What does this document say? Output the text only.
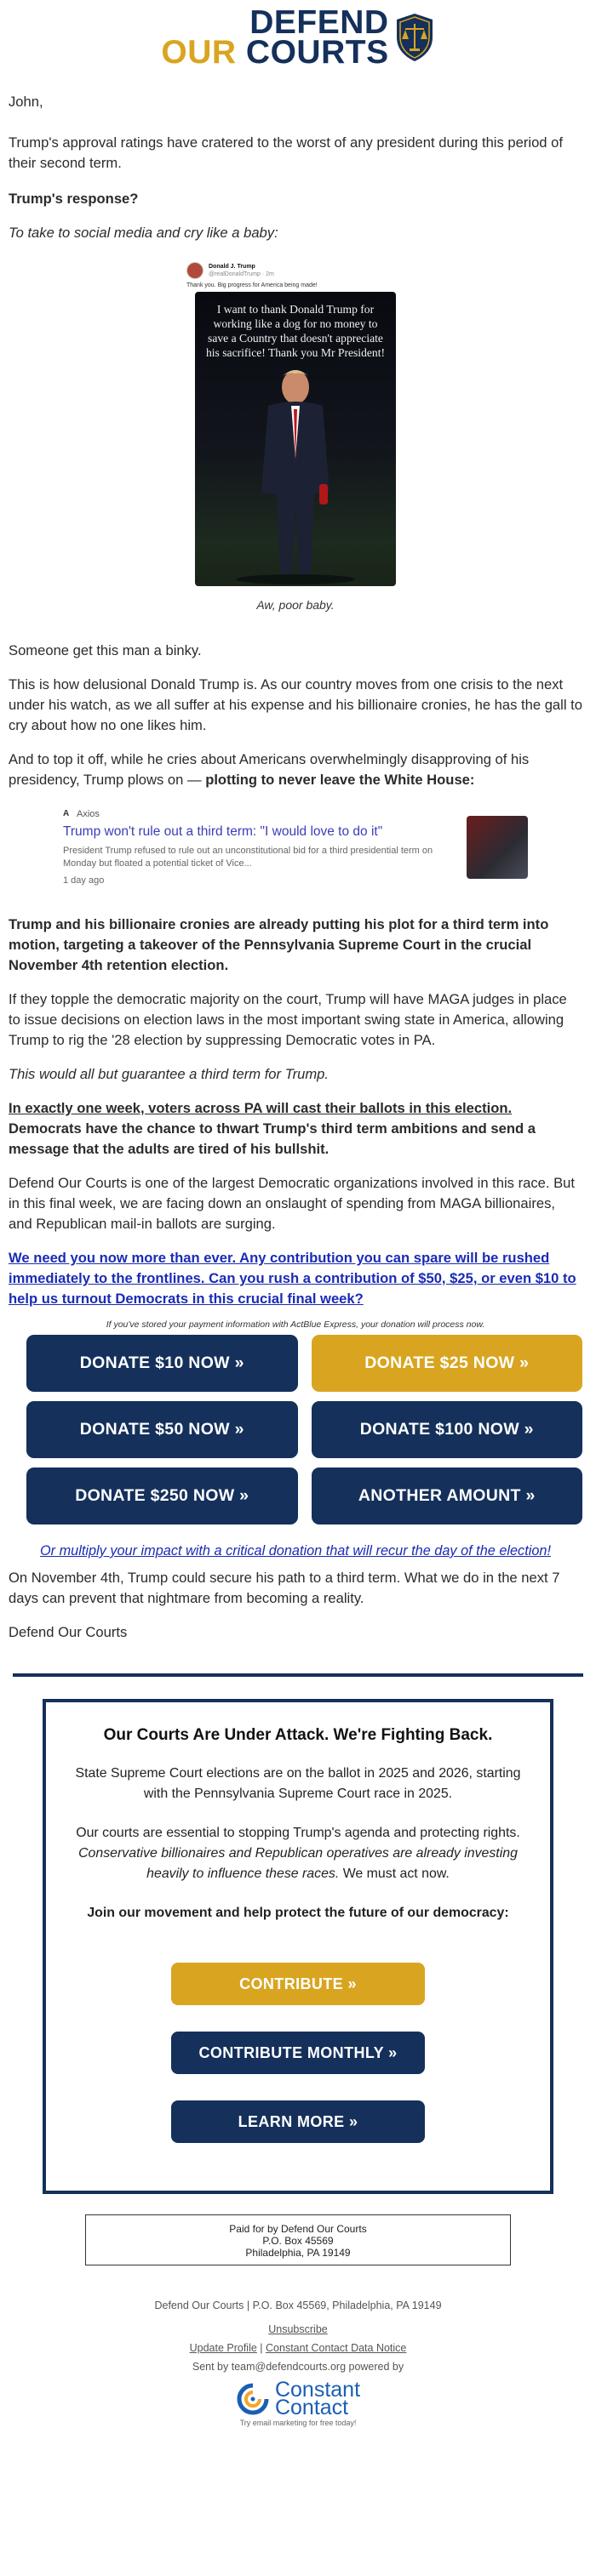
DEFEND
OUR COURTS

John,

Trump's approval ratings have cratered to the worst of any president during this period of their second term.

Trump's response?

To take to social media and cry like a baby:

Donald J. Trump
@realDonaldTrump · 2m
Thank you. Big progress for America being made!
I want to thank Donald Trump for working like a dog for no money to save a Country that doesn't appreciate his sacrifice! Thank you Mr President!

Aw, poor baby.

Someone get this man a binky.

This is how delusional Donald Trump is. As our country moves from one crisis to the next under his watch, as we all suffer at his expense and his billionaire cronies, he has the gall to cry about how no one likes him.

And to top it off, while he cries about Americans overwhelmingly disapproving of his presidency, Trump plows on — plotting to never leave the White House:

A Axios
Trump won't rule out a third term: "I would love to do it"
President Trump refused to rule out an unconstitutional bid for a third presidential term on Monday but floated a potential ticket of Vice...
1 day ago

Trump and his billionaire cronies are already putting his plot for a third term into motion, targeting a takeover of the Pennsylvania Supreme Court in the crucial November 4th retention election.

If they topple the democratic majority on the court, Trump will have MAGA judges in place to issue decisions on election laws in the most important swing state in America, allowing Trump to rig the '28 election by suppressing Democratic votes in PA.

This would all but guarantee a third term for Trump.

In exactly one week, voters across PA will cast their ballots in this election. Democrats have the chance to thwart Trump's third term ambitions and send a message that the adults are tired of his bullshit.

Defend Our Courts is one of the largest Democratic organizations involved in this race. But in this final week, we are facing down an onslaught of spending from MAGA billionaires, and Republican mail-in ballots are surging.

We need you now more than ever. Any contribution you can spare will be rushed immediately to the frontlines. Can you rush a contribution of $50, $25, or even $10 to help us turnout Democrats in this crucial final week?

If you've stored your payment information with ActBlue Express, your donation will process now.

DONATE $10 NOW »	DONATE $25 NOW »
DONATE $50 NOW »	DONATE $100 NOW »
DONATE $250 NOW »	ANOTHER AMOUNT »

Or multiply your impact with a critical donation that will recur the day of the election!

On November 4th, Trump could secure his path to a third term. What we do in the next 7 days can prevent that nightmare from becoming a reality.

Defend Our Courts

Our Courts Are Under Attack. We're Fighting Back.

State Supreme Court elections are on the ballot in 2025 and 2026, starting with the Pennsylvania Supreme Court race in 2025.

Our courts are essential to stopping Trump's agenda and protecting rights. Conservative billionaires and Republican operatives are already investing heavily to influence these races. We must act now.

Join our movement and help protect the future of our democracy:

CONTRIBUTE »
CONTRIBUTE MONTHLY »
LEARN MORE »
Paid for by Defend Our Courts
P.O. Box 45569
Philadelphia, PA 19149

Defend Our Courts | P.O. Box 45569, Philadelphia, PA 19149

Unsubscribe

Update Profile | Constant Contact Data Notice

Sent by team@defendcourts.org powered by

Constant
Contact

Try email marketing for free today!
